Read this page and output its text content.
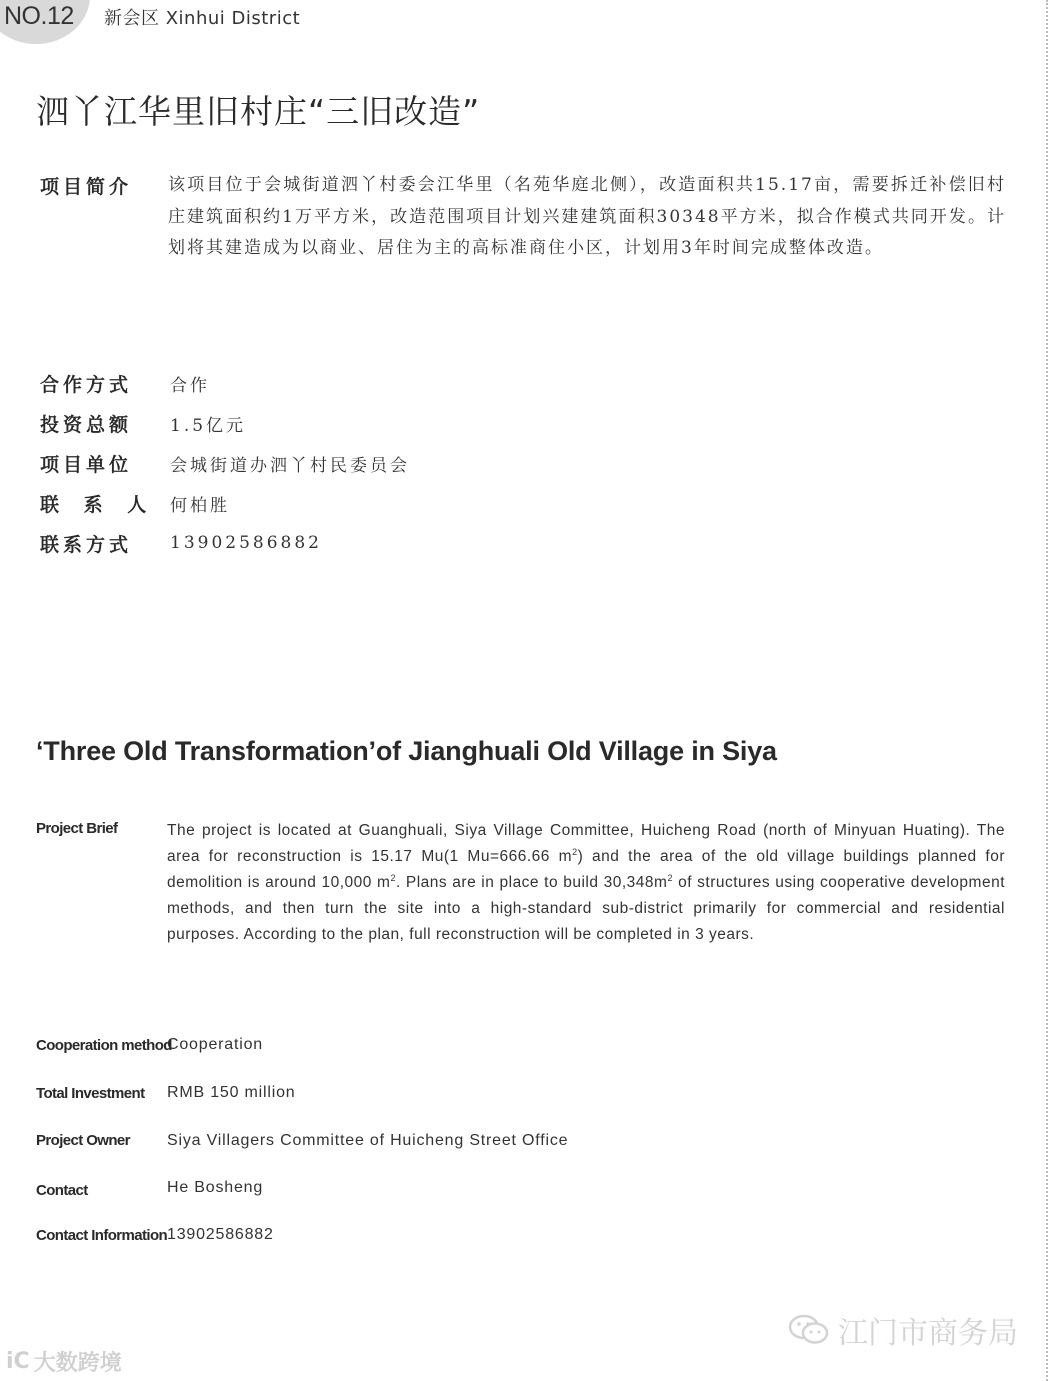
NO.12 新会区 Xinhui District
泗丫江华里旧村庄“三旧改造”
项目简介 该项目位于会城街道泗丫村委会江华里（名苑华庭北侧），改造面积共15.17亩，需要拆迁补偿旧村庄建筑面积约1万平方米，改造范围项目计划兴建建筑面积30348平方米，拟合作模式共同开发。计划将其建造成为以商业、居住为主的高标准商住小区，计划用3年时间完成整体改造。
合作方式 合作
投资总额 1.5亿元
项目单位 会城街道办泗丫村民委员会
联 系 人 何柏胜
联系方式 13902586882
‘Three Old Transformation’of Jianghuali Old Village in Siya
Project Brief	The project is located at Guanghuali, Siya Village Committee, Huicheng Road (north of Minyuan Huating). The area for reconstruction is 15.17 Mu(1 Mu=666.66 $m^2$) and the area of the old village buildings planned for demolition is around 10,000 $m^2$. Plans are in place to build $30,348m^2$ of structures using cooperative development methods, and then turn the site into a high-standard sub-district primarily for commercial and residential purposes. According to the plan, full reconstruction will be completed in 3 years.
Cooperation method
Cooperation
Total Investment RMB 150 million
Project Owner Siya Villagers Committee of Huicheng Street Office
Contact	He Bosheng
Contact Information 13902586882
江门市商务局
iC 大数跨境
